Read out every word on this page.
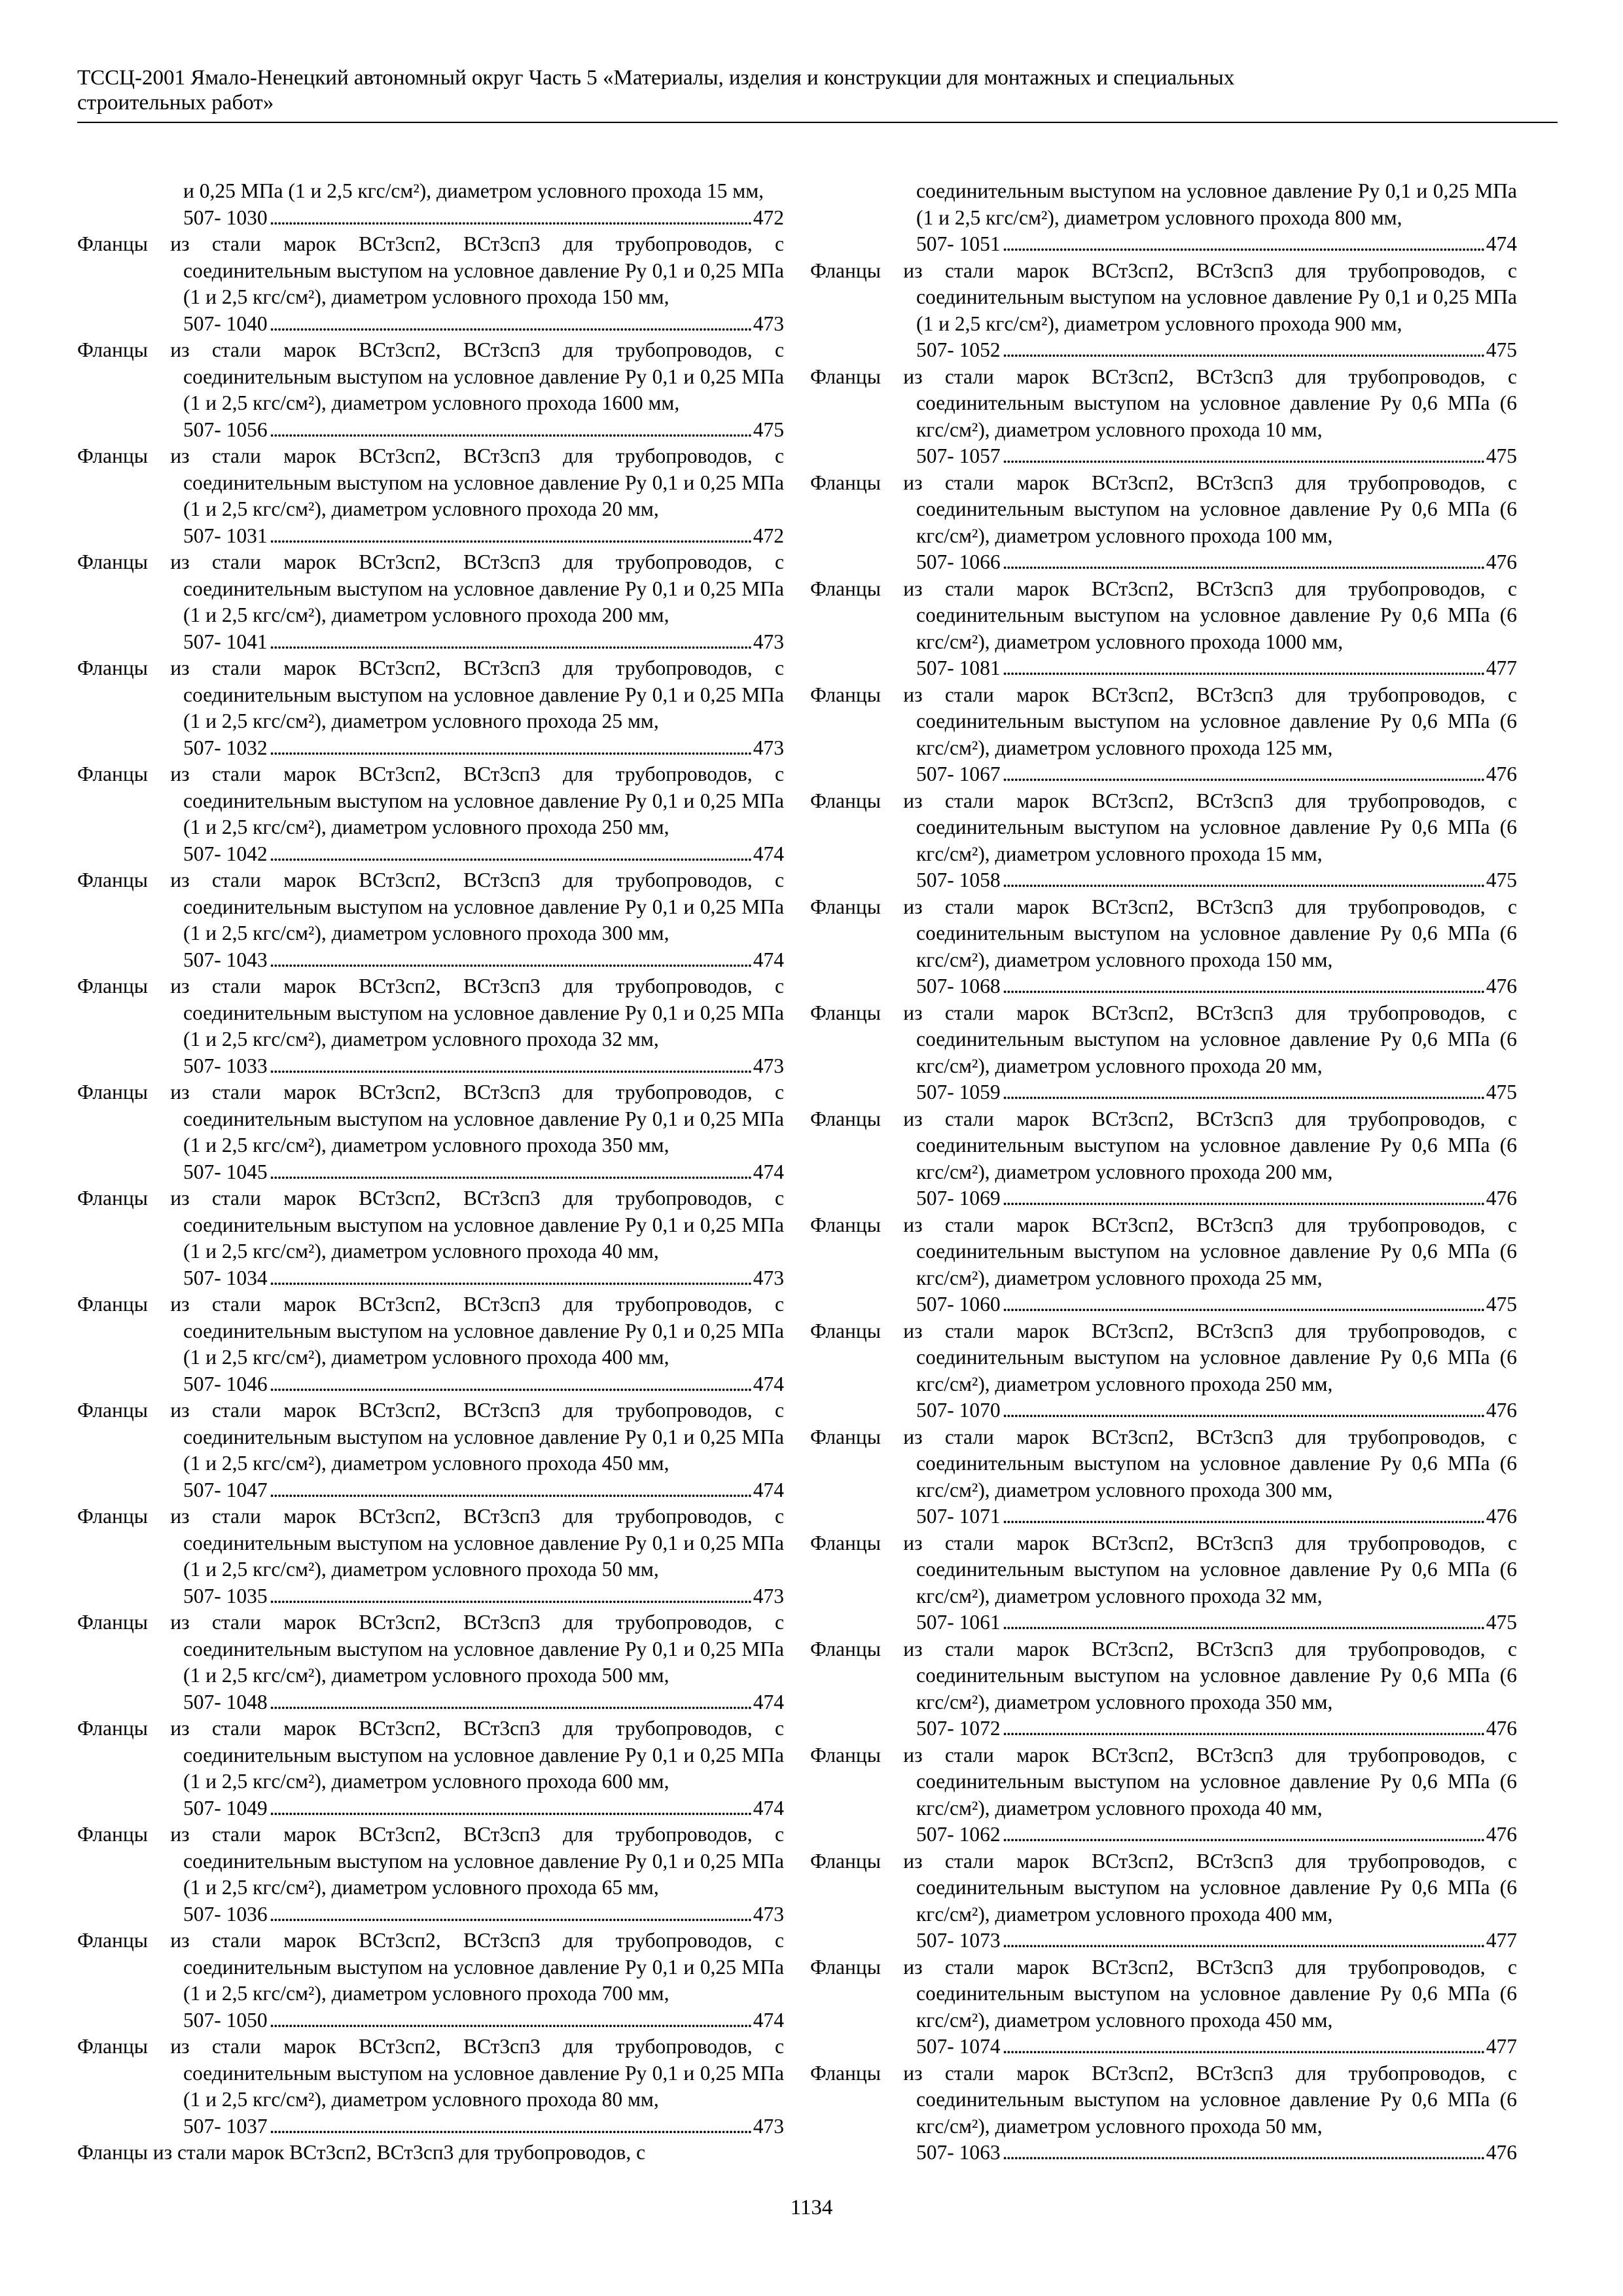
ТССЦ-2001 Ямало-Ненецкий автономный округ Часть 5 «Материалы, изделия и конструкции для монтажных и специальных
строительных работ»
и 0,25 МПа (1 и 2,5 кгс/см²), диаметром условного прохода 15 мм,
507- 1030 . . .	472
Фланцы из стали марок ВСт3сп2, ВСт3сп3 для трубопроводов, с соединительным выступом на условное давление Ру 0,1 и 0,25 МПа (1 и 2,5 кгс/см²), диаметром условного прохода 150 мм,
507- 1040 . . .	473
Фланцы из стали марок ВСт3сп2, ВСт3сп3 для трубопроводов, с соединительным выступом на условное давление Ру 0,1 и 0,25 МПа (1 и 2,5 кгс/см²), диаметром условного прохода 1600 мм,
507- 1056 . . .	475
Фланцы из стали марок ВСт3сп2, ВСт3сп3 для трубопроводов, с соединительным выступом на условное давление Ру 0,1 и 0,25 МПа (1 и 2,5 кгс/см²), диаметром условного прохода 20 мм,
507- 1031 . . .	472
Фланцы из стали марок ВСт3сп2, ВСт3сп3 для трубопроводов, с соединительным выступом на условное давление Ру 0,1 и 0,25 МПа (1 и 2,5 кгс/см²), диаметром условного прохода 200 мм,
507- 1041 . . .	473
Фланцы из стали марок ВСт3сп2, ВСт3сп3 для трубопроводов, с соединительным выступом на условное давление Ру 0,1 и 0,25 МПа (1 и 2,5 кгс/см²), диаметром условного прохода 25 мм,
507- 1032 . . .	473
Фланцы из стали марок ВСт3сп2, ВСт3сп3 для трубопроводов, с соединительным выступом на условное давление Ру 0,1 и 0,25 МПа (1 и 2,5 кгс/см²), диаметром условного прохода 250 мм,
507- 1042 . . .	474
Фланцы из стали марок ВСт3сп2, ВСт3сп3 для трубопроводов, с соединительным выступом на условное давление Ру 0,1 и 0,25 МПа (1 и 2,5 кгс/см²), диаметром условного прохода 300 мм,
507- 1043 . . .	474
Фланцы из стали марок ВСт3сп2, ВСт3сп3 для трубопроводов, с соединительным выступом на условное давление Ру 0,1 и 0,25 МПа (1 и 2,5 кгс/см²), диаметром условного прохода 32 мм,
507- 1033 . . .	473
Фланцы из стали марок ВСт3сп2, ВСт3сп3 для трубопроводов, с соединительным выступом на условное давление Ру 0,1 и 0,25 МПа (1 и 2,5 кгс/см²), диаметром условного прохода 350 мм,
507- 1045 . . .	474
Фланцы из стали марок ВСт3сп2, ВСт3сп3 для трубопроводов, с соединительным выступом на условное давление Ру 0,1 и 0,25 МПа (1 и 2,5 кгс/см²), диаметром условного прохода 40 мм,
507- 1034 . . .	473
Фланцы из стали марок ВСт3сп2, ВСт3сп3 для трубопроводов, с соединительным выступом на условное давление Ру 0,1 и 0,25 МПа (1 и 2,5 кгс/см²), диаметром условного прохода 400 мм,
507- 1046 . . .	474
Фланцы из стали марок ВСт3сп2, ВСт3сп3 для трубопроводов, с соединительным выступом на условное давление Ру 0,1 и 0,25 МПа (1 и 2,5 кгс/см²), диаметром условного прохода 450 мм,
507- 1047 . . .	474
Фланцы из стали марок ВСт3сп2, ВСт3сп3 для трубопроводов, с соединительным выступом на условное давление Ру 0,1 и 0,25 МПа (1 и 2,5 кгс/см²), диаметром условного прохода 50 мм,
507- 1035 . . .	473
Фланцы из стали марок ВСт3сп2, ВСт3сп3 для трубопроводов, с соединительным выступом на условное давление Ру 0,1 и 0,25 МПа (1 и 2,5 кгс/см²), диаметром условного прохода 500 мм,
507- 1048 . . .	474
Фланцы из стали марок ВСт3сп2, ВСт3сп3 для трубопроводов, с соединительным выступом на условное давление Ру 0,1 и 0,25 МПа (1 и 2,5 кгс/см²), диаметром условного прохода 600 мм,
507- 1049 . . .	474
Фланцы из стали марок ВСт3сп2, ВСт3сп3 для трубопроводов, с соединительным выступом на условное давление Ру 0,1 и 0,25 МПа (1 и 2,5 кгс/см²), диаметром условного прохода 65 мм,
507- 1036 . . .	473
Фланцы из стали марок ВСт3сп2, ВСт3сп3 для трубопроводов, с соединительным выступом на условное давление Ру 0,1 и 0,25 МПа (1 и 2,5 кгс/см²), диаметром условного прохода 700 мм,
507- 1050 . . .	474
Фланцы из стали марок ВСт3сп2, ВСт3сп3 для трубопроводов, с соединительным выступом на условное давление Ру 0,1 и 0,25 МПа (1 и 2,5 кгс/см²), диаметром условного прохода 80 мм,
507- 1037 . . .	473
Фланцы из стали марок ВСт3сп2, ВСт3сп3 для трубопроводов, с
соединительным выступом на условное давление Ру 0,1 и 0,25 МПа (1 и 2,5 кгс/см²), диаметром условного прохода 800 мм,
507- 1051 . . .	474
Фланцы из стали марок ВСт3сп2, ВСт3сп3 для трубопроводов, с соединительным выступом на условное давление Ру 0,1 и 0,25 МПа (1 и 2,5 кгс/см²), диаметром условного прохода 900 мм,
507- 1052 . . .	475
Фланцы из стали марок ВСт3сп2, ВСт3сп3 для трубопроводов, с соединительным выступом на условное давление Ру 0,6 МПа (6 кгс/см²), диаметром условного прохода 10 мм,
507- 1057 . . .	475
Фланцы из стали марок ВСт3сп2, ВСт3сп3 для трубопроводов, с соединительным выступом на условное давление Ру 0,6 МПа (6 кгс/см²), диаметром условного прохода 100 мм,
507- 1066 . . .	476
Фланцы из стали марок ВСт3сп2, ВСт3сп3 для трубопроводов, с соединительным выступом на условное давление Ру 0,6 МПа (6 кгс/см²), диаметром условного прохода 1000 мм,
507- 1081 . . .	477
Фланцы из стали марок ВСт3сп2, ВСт3сп3 для трубопроводов, с соединительным выступом на условное давление Ру 0,6 МПа (6 кгс/см²), диаметром условного прохода 125 мм,
507- 1067 . . .	476
Фланцы из стали марок ВСт3сп2, ВСт3сп3 для трубопроводов, с соединительным выступом на условное давление Ру 0,6 МПа (6 кгс/см²), диаметром условного прохода 15 мм,
507- 1058 . . .	475
Фланцы из стали марок ВСт3сп2, ВСт3сп3 для трубопроводов, с соединительным выступом на условное давление Ру 0,6 МПа (6 кгс/см²), диаметром условного прохода 150 мм,
507- 1068 . . .	476
Фланцы из стали марок ВСт3сп2, ВСт3сп3 для трубопроводов, с соединительным выступом на условное давление Ру 0,6 МПа (6 кгс/см²), диаметром условного прохода 20 мм,
507- 1059 . . .	475
Фланцы из стали марок ВСт3сп2, ВСт3сп3 для трубопроводов, с соединительным выступом на условное давление Ру 0,6 МПа (6 кгс/см²), диаметром условного прохода 200 мм,
507- 1069 . . .	476
Фланцы из стали марок ВСт3сп2, ВСт3сп3 для трубопроводов, с соединительным выступом на условное давление Ру 0,6 МПа (6 кгс/см²), диаметром условного прохода 25 мм,
507- 1060 . . .	475
Фланцы из стали марок ВСт3сп2, ВСт3сп3 для трубопроводов, с соединительным выступом на условное давление Ру 0,6 МПа (6 кгс/см²), диаметром условного прохода 250 мм,
507- 1070 . . .	476
Фланцы из стали марок ВСт3сп2, ВСт3сп3 для трубопроводов, с соединительным выступом на условное давление Ру 0,6 МПа (6 кгс/см²), диаметром условного прохода 300 мм,
507- 1071 . . .	476
Фланцы из стали марок ВСт3сп2, ВСт3сп3 для трубопроводов, с соединительным выступом на условное давление Ру 0,6 МПа (6 кгс/см²), диаметром условного прохода 32 мм,
507- 1061 . . .	475
Фланцы из стали марок ВСт3сп2, ВСт3сп3 для трубопроводов, с соединительным выступом на условное давление Ру 0,6 МПа (6 кгс/см²), диаметром условного прохода 350 мм,
507- 1072 . . .	476
Фланцы из стали марок ВСт3сп2, ВСт3сп3 для трубопроводов, с соединительным выступом на условное давление Ру 0,6 МПа (6 кгс/см²), диаметром условного прохода 40 мм,
507- 1062 . . .	476
Фланцы из стали марок ВСт3сп2, ВСт3сп3 для трубопроводов, с соединительным выступом на условное давление Ру 0,6 МПа (6 кгс/см²), диаметром условного прохода 400 мм,
507- 1073 . . .	477
Фланцы из стали марок ВСт3сп2, ВСт3сп3 для трубопроводов, с соединительным выступом на условное давление Ру 0,6 МПа (6 кгс/см²), диаметром условного прохода 450 мм,
507- 1074 . . .	477
Фланцы из стали марок ВСт3сп2, ВСт3сп3 для трубопроводов, с соединительным выступом на условное давление Ру 0,6 МПа (6 кгс/см²), диаметром условного прохода 50 мм,
507- 1063 . . .	476
1134
